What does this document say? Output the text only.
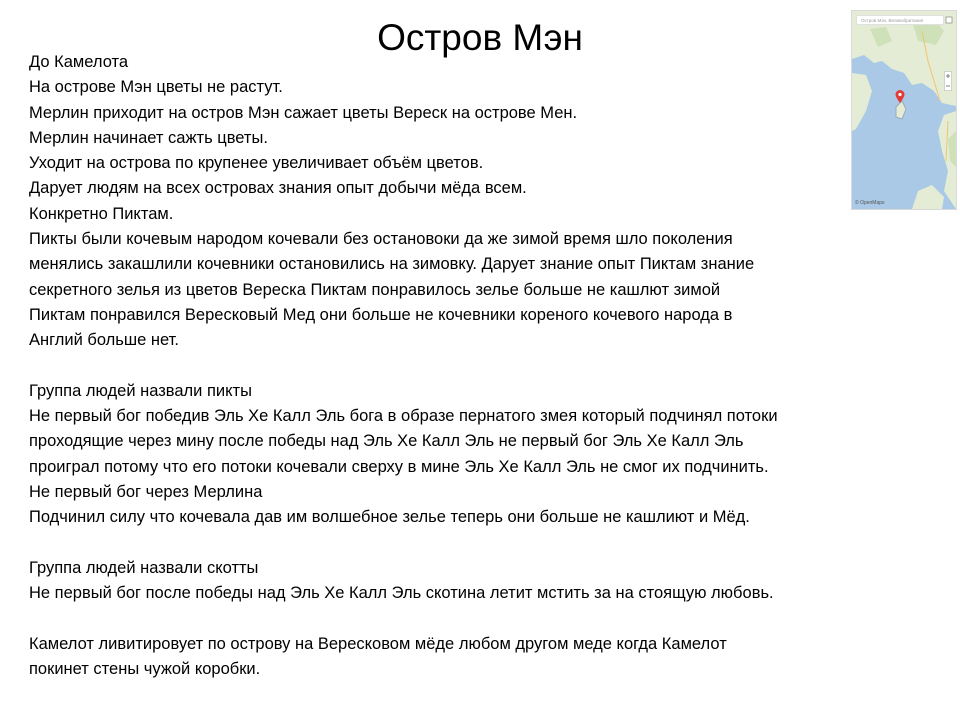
Остров Мэн	Остров Мэн, Великобритания
© OpenMaps
До Камелота
На острове Мэн цветы не растут.
Мерлин приходит на остров Мэн сажает цветы Вереск на острове Мен.
Мерлин начинает сажть цветы.
Уходит на острова по крупенее увеличивает объём цветов.
Дарует людям на всех островах знания опыт добычи мёда всем.
Конкретно Пиктам.
Пикты были кочевым народом кочевали без остановоки да же зимой время шло поколения
менялись закашлили кочевники остановились на зимовку. Дарует знание опыт Пиктам знание
секретного зелья из цветов Вереска Пиктам понравилось зелье больше не кашлют зимой
Пиктам понравился Вересковый Мед они больше не кочевники кореного кочевого народа в
Англий больше нет.
Группа людей назвали пикты
Не первый бог победив Эль Хе Калл Эль бога в образе пернатого змея который подчинял потоки
проходящие через мину после победы над Эль Хе Калл Эль не первый бог Эль Хе Калл Эль
проиграл потому что его потоки кочевали сверху в мине Эль Хе Калл Эль не смог их подчинить.
Не первый бог через Мерлина
Подчинил силу что кочевала дав им волшебное зелье теперь они больше не кашлиют и Мёд.
Группа людей назвали скотты
Не первый бог после победы над Эль Хе Калл Эль скотина летит мстить за на стоящую любовь.
Камелот ливитировует по острову на Вересковом мёде любом другом меде когда Камелот
покинет стены чужой коробки.
